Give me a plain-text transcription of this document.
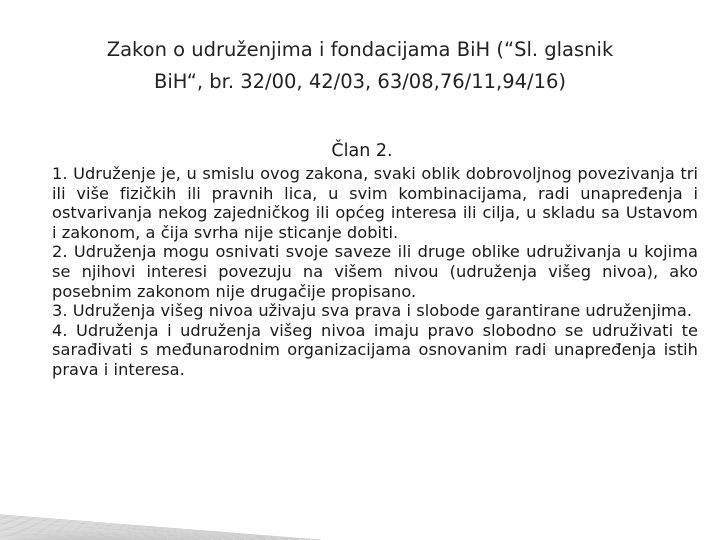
Zakon o udruženjima i fondacijama BiH (“Sl. glasnik
BiH“, br. 32/00, 42/03, 63/08,76/11,94/16)
Član 2.
1. Udruženje je, u smislu ovog zakona, svaki oblik dobrovoljnog povezivanja tri ili više fizičkih ili pravnih lica, u svim kombinacijama, radi unapređenja i ostvarivanja nekog zajedničkog ili općeg interesa ili cilja, u skladu sa Ustavom i zakonom, a čija svrha nije sticanje dobiti.
2. Udruženja mogu osnivati svoje saveze ili druge oblike udruživanja u kojima se njihovi interesi povezuju na višem nivou (udruženja višeg nivoa), ako posebnim zakonom nije drugačije propisano.
3. Udruženja višeg nivoa uživaju sva prava i slobode garantirane udruženjima.
4. Udruženja i udruženja višeg nivoa imaju pravo slobodno se udruživati te sarađivati s međunarodnim organizacijama osnovanim radi unapređenja istih prava i interesa.
